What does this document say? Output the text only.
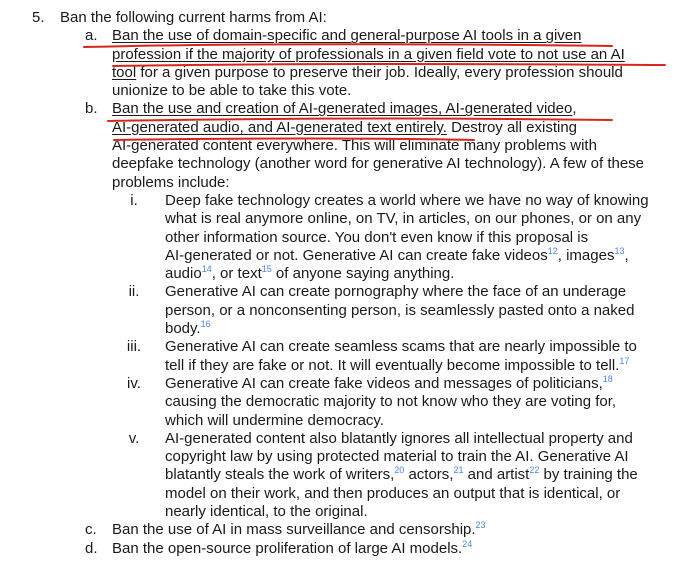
5. Ban the following current harms from AI:
a. Ban the use of domain-specific and general-purpose AI tools in a given
profession if the majority of professionals in a given field vote to not use an AI
tool for a given purpose to preserve their job. Ideally, every profession should
unionize to be able to take this vote.
b. Ban the use and creation of AI-generated images, AI-generated video,
AI-generated audio, and AI-generated text entirely. Destroy all existing
AI-generated content everywhere. This will eliminate many problems with
deepfake technology (another word for generative AI technology). A few of these
problems include:
i.	Deep fake technology creates a world where we have no way of knowing
what is real anymore online, on TV, in articles, on our phones, or on any
other information source. You don't even know if this proposal is
AI-generated or not. Generative AI can create fake videos$^{12}$, images$^{13}$,
audio$^{14}$, or text$^{15}$ of anyone saying anything.
ii. Generative AI can create pornography where the face of an underage
person, or a nonconsenting person, is seamlessly pasted onto a naked
body.$^{16}$
iii. Generative AI can create seamless scams that are nearly impossible to
tell if they are fake or not. It will eventually become impossible to tell.$^{17}$
iv. Generative AI can create fake videos and messages of politicians,$^{18}$
causing the democratic majority to not know who they are voting for,
which will undermine democracy.
v. AI-generated content also blatantly ignores all intellectual property and
copyright law by using protected material to train the AI. Generative AI
blatantly steals the work of writers,$^{20}$ actors,$^{21}$ and artist$^{22}$ by training the
model on their work, and then produces an output that is identical, or
nearly identical, to the original.
c. Ban the use of AI in mass surveillance and censorship.$^{23}$
d. Ban the open-source proliferation of large AI models.$^{24}$
